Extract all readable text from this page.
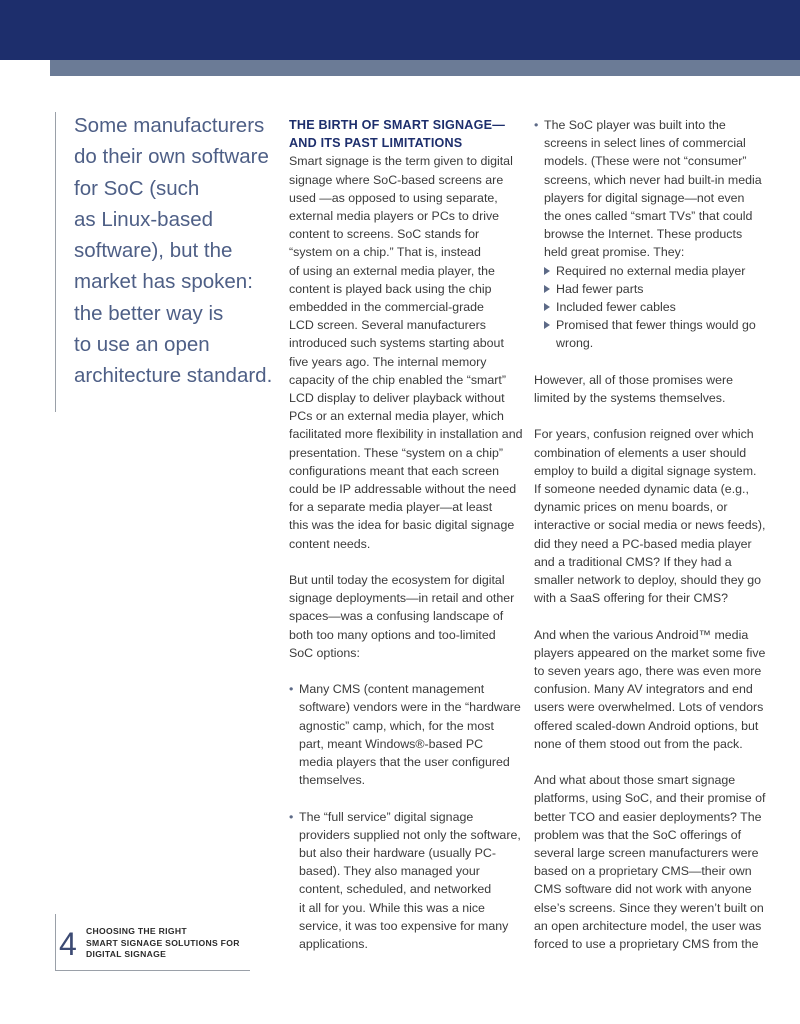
Some manufacturers
do their own software
for SoC (such
as Linux-based
software), but the
market has spoken:
the better way is
to use an open
architecture standard.
THE BIRTH OF SMART SIGNAGE—
AND ITS PAST LIMITATIONS
Smart signage is the term given to digital
signage where SoC-based screens are
used —as opposed to using separate,
external media players or PCs to drive
content to screens. SoC stands for
“system on a chip.” That is, instead
of using an external media player, the
content is played back using the chip
embedded in the commercial-grade
LCD screen. Several manufacturers
introduced such systems starting about
five years ago. The internal memory
capacity of the chip enabled the “smart”
LCD display to deliver playback without
PCs or an external media player, which
facilitated more flexibility in installation and
presentation. These “system on a chip”
configurations meant that each screen
could be IP addressable without the need
for a separate media player—at least
this was the idea for basic digital signage
content needs.
But until today the ecosystem for digital
signage deployments—in retail and other
spaces—was a confusing landscape of
both too many options and too-limited
SoC options:
• Many CMS (content management
software) vendors were in the “hardware
agnostic” camp, which, for the most
part, meant Windows®-based PC
media players that the user configured
themselves.
• The “full service” digital signage
providers supplied not only the software,
but also their hardware (usually PC-
based). They also managed your
content, scheduled, and networked
it all for you. While this was a nice
service, it was too expensive for many
applications.
• The SoC player was built into the
screens in select lines of commercial
models. (These were not “consumer”
screens, which never had built-in media
players for digital signage—not even
the ones called “smart TVs” that could
browse the Internet. These products
held great promise. They:
Required no external media player
Had fewer parts
Included fewer cables
Promised that fewer things would go
wrong.
However, all of those promises were
limited by the systems themselves.
For years, confusion reigned over which
combination of elements a user should
employ to build a digital signage system.
If someone needed dynamic data (e.g.,
dynamic prices on menu boards, or
interactive or social media or news feeds),
did they need a PC-based media player
and a traditional CMS? If they had a
smaller network to deploy, should they go
with a SaaS offering for their CMS?
And when the various Android™ media
players appeared on the market some five
to seven years ago, there was even more
confusion. Many AV integrators and end
users were overwhelmed. Lots of vendors
offered scaled-down Android options, but
none of them stood out from the pack.
And what about those smart signage
platforms, using SoC, and their promise of
better TCO and easier deployments? The
problem was that the SoC offerings of
several large screen manufacturers were
based on a proprietary CMS—their own
CMS software did not work with anyone
else’s screens. Since they weren’t built on
an open architecture model, the user was
forced to use a proprietary CMS from the
4 CHOOSING THE RIGHT
SMART SIGNAGE SOLUTIONS FOR
DIGITAL SIGNAGE
